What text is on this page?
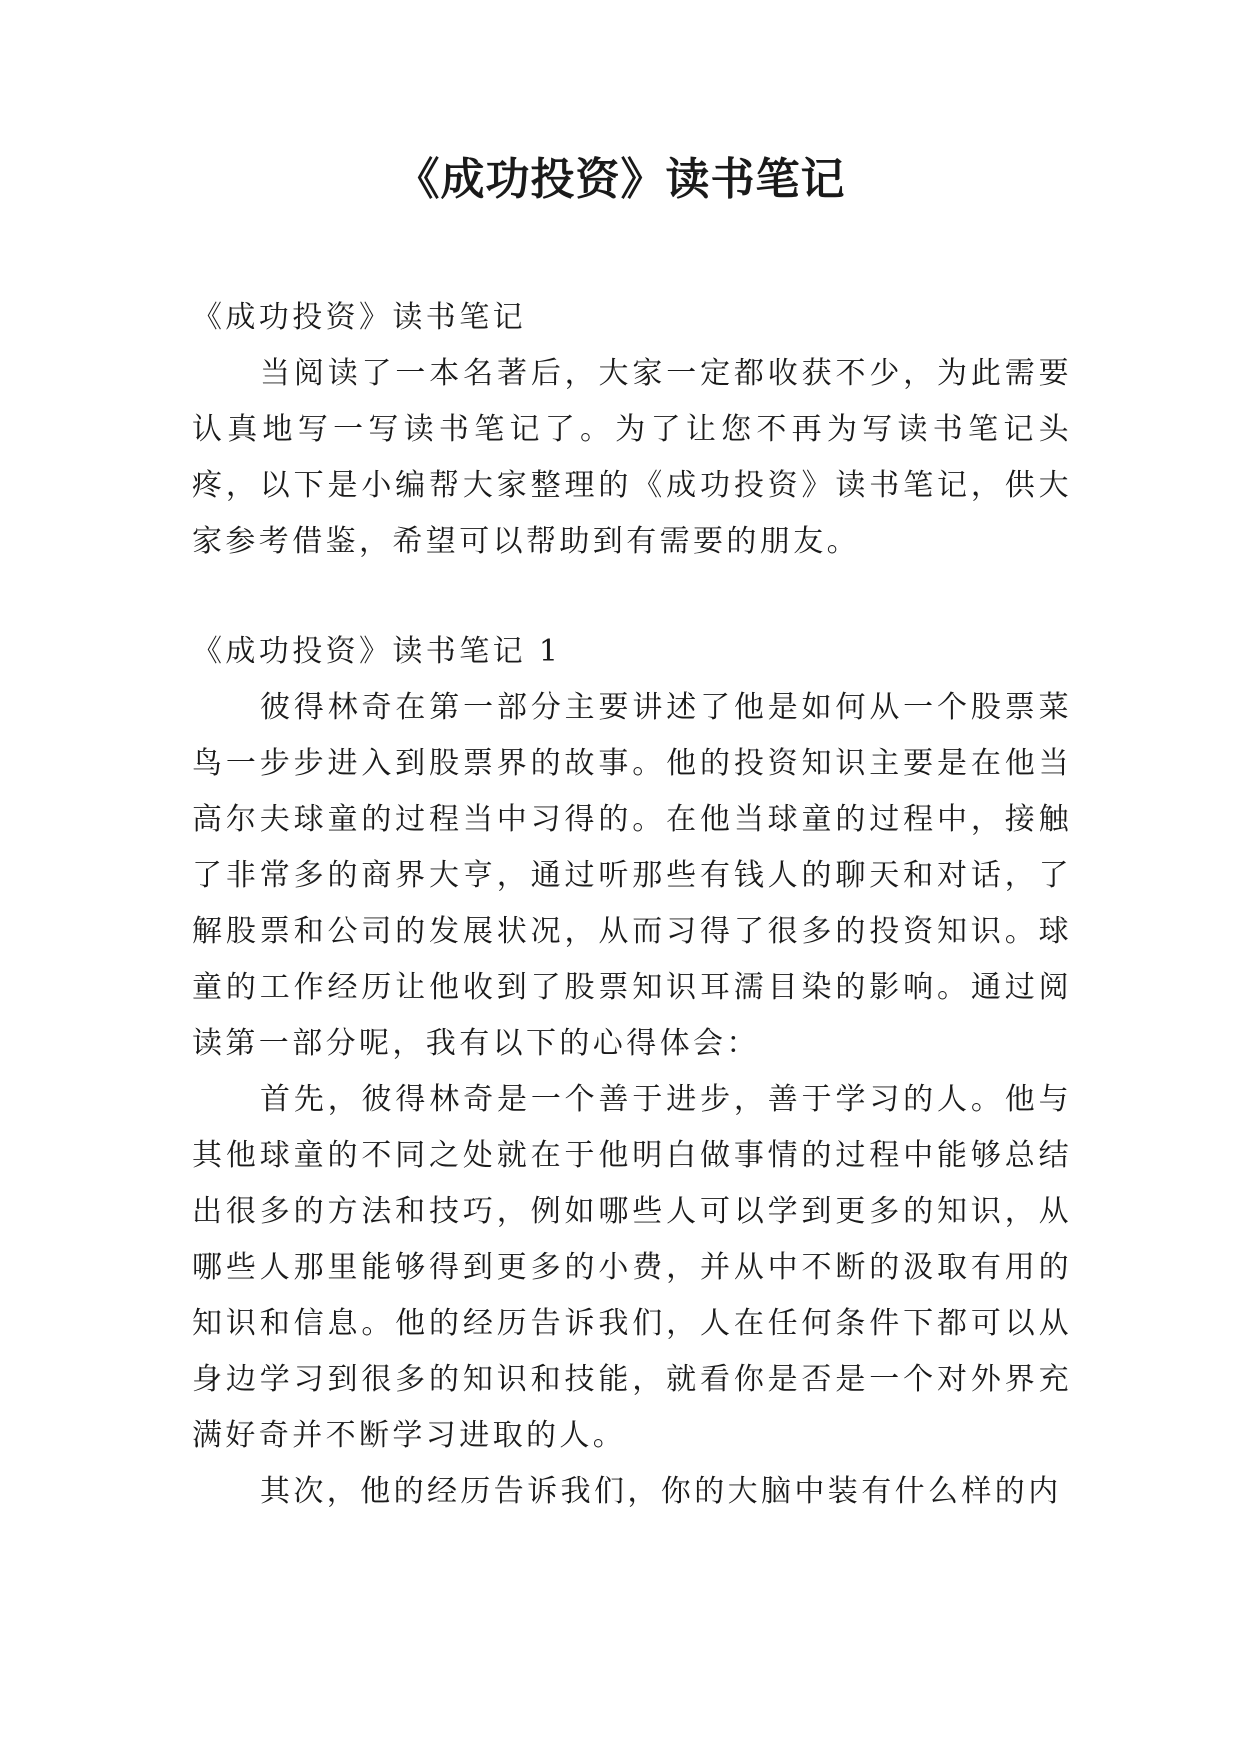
《成功投资》读书笔记

《成功投资》读书笔记

当阅读了一本名著后，大家一定都收获不少，为此需要认真地写一写读书笔记了。为了让您不再为写读书笔记头疼，以下是小编帮大家整理的《成功投资》读书笔记，供大家参考借鉴，希望可以帮助到有需要的朋友。

《成功投资》读书笔记 1

彼得林奇在第一部分主要讲述了他是如何从一个股票菜鸟一步步进入到股票界的故事。他的投资知识主要是在他当高尔夫球童的过程当中习得的。在他当球童的过程中，接触了非常多的商界大亨，通过听那些有钱人的聊天和对话，了解股票和公司的发展状况，从而习得了很多的投资知识。球童的工作经历让他收到了股票知识耳濡目染的影响。通过阅读第一部分呢，我有以下的心得体会：

首先，彼得林奇是一个善于进步，善于学习的人。他与其他球童的不同之处就在于他明白做事情的过程中能够总结出很多的方法和技巧，例如哪些人可以学到更多的知识，从哪些人那里能够得到更多的小费，并从中不断的汲取有用的知识和信息。他的经历告诉我们，人在任何条件下都可以从身边学习到很多的知识和技能，就看你是否是一个对外界充满好奇并不断学习进取的人。

其次，他的经历告诉我们，你的大脑中装有什么样的内
